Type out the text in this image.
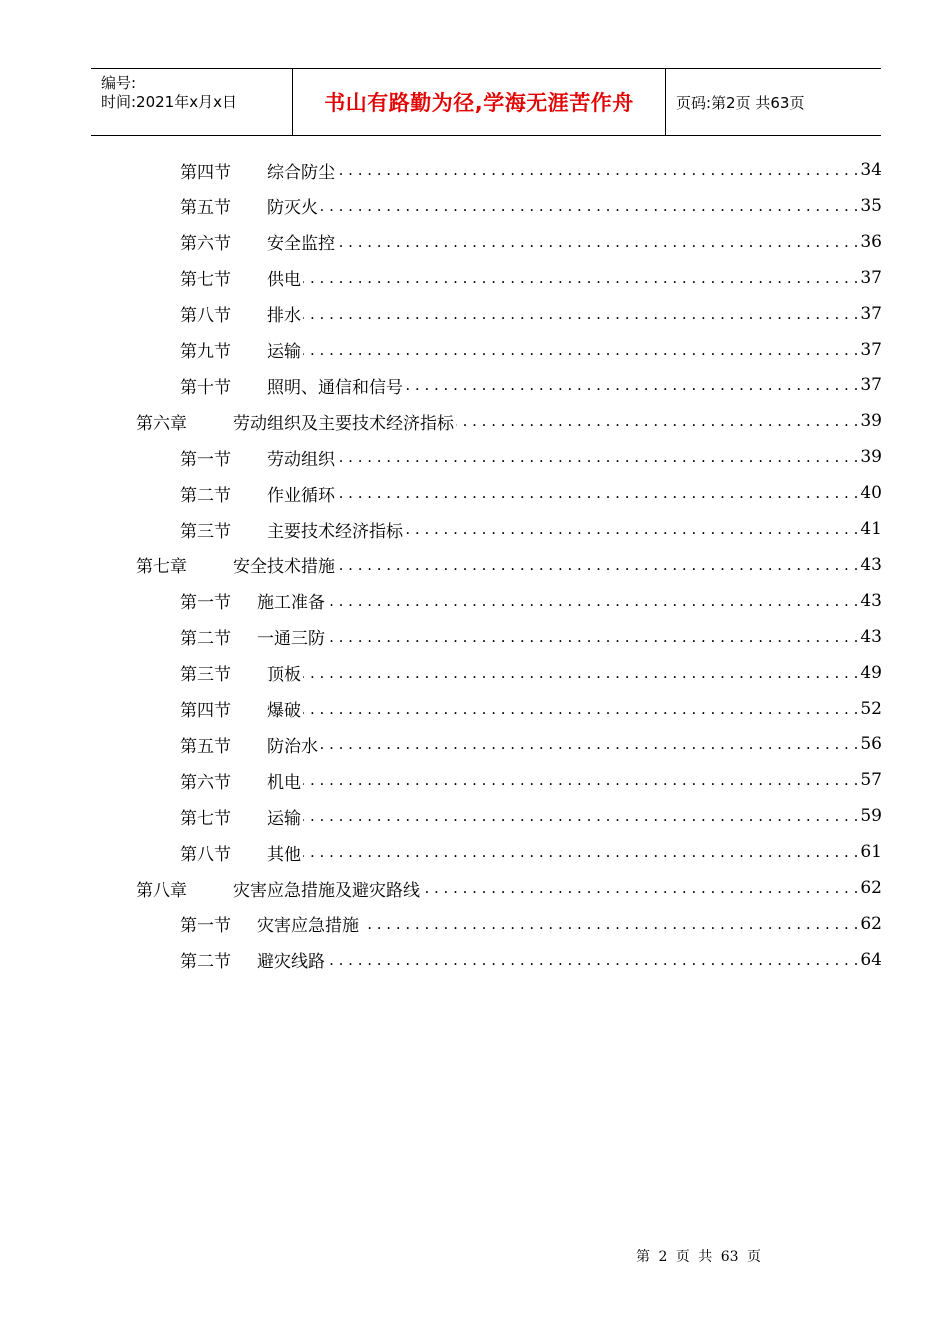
编号:
时间:2021年x月x日	书山有路勤为径,学海无涯苦作舟	页码:第2页 共63页
第四节	综合防尘 . . .	34
第五节	防灭火 . . .	35
第六节	安全监控 . . .	36
第七节	供电 . . .	37
第八节	排水 . . .	37
第九节	运输 . . .	37
第十节	照明、通信和信号 . . .	37
第六章	劳动组织及主要技术经济指标 . . .	39
第一节	劳动组织 . . .	39
第二节	作业循环 . . .	40
第三节	主要技术经济指标 . . .	41
第七章	安全技术措施 . . .	43
第一节	施工准备 . . .	43
第二节	一通三防 . . .	43
第三节	顶板 . . .	49
第四节	爆破 . . .	52
第五节	防治水 . . .	56
第六节	机电 . . .	57
第七节	运输 . . .	59
第八节	其他 . . .	61
第八章	灾害应急措施及避灾路线 . . .	62
第一节	灾害应急措施 . . .	62
第二节	避灾线路 . . .	64
第 2 页 共 63 页
